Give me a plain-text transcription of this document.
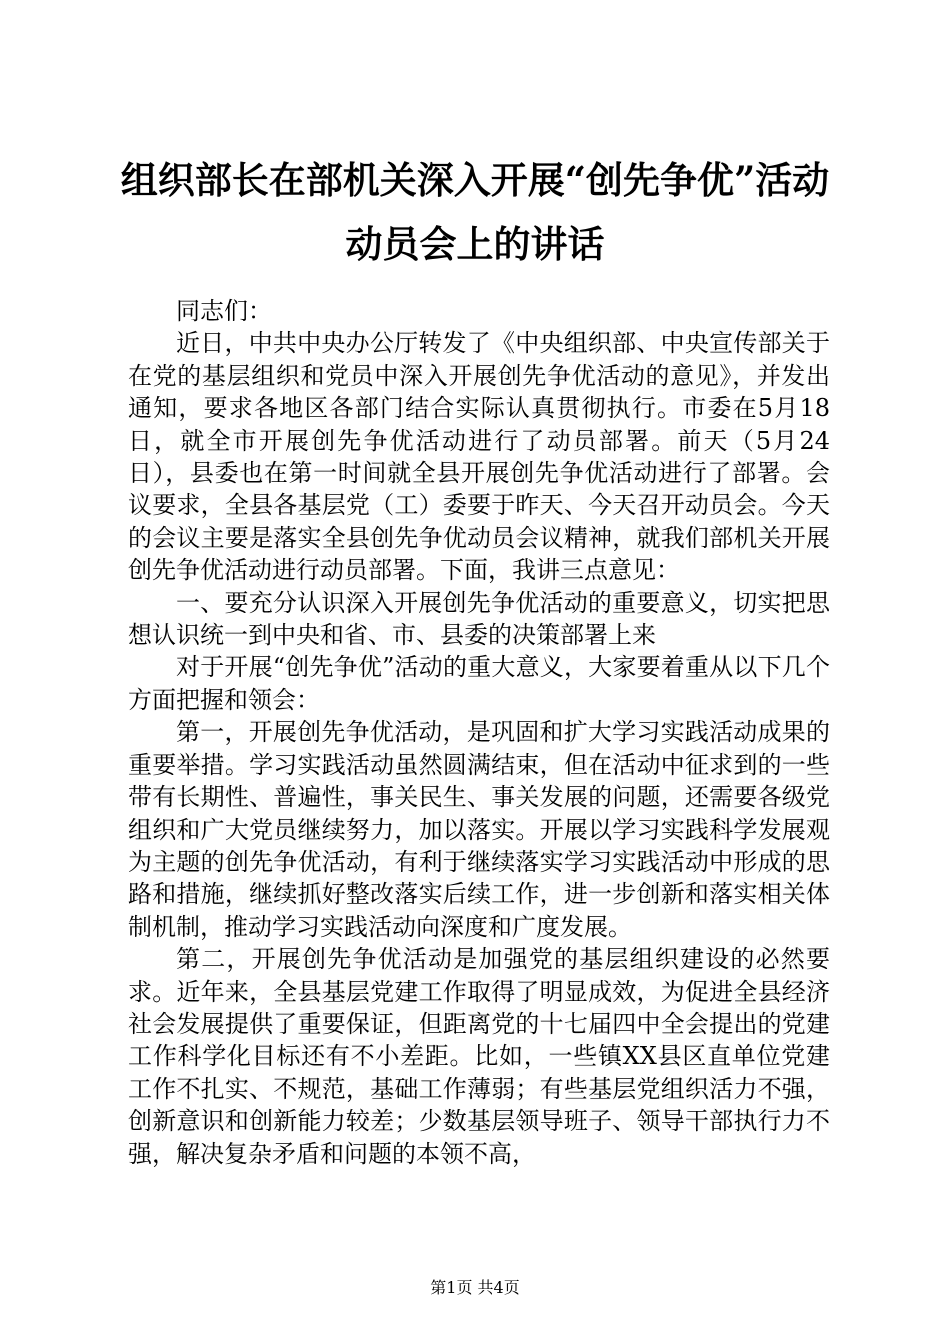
组织部长在部机关深入开展“创先争优”活动
动员会上的讲话

同志们：

近日，中共中央办公厅转发了《中央组织部、中央宣传部关于在党的基层组织和党员中深入开展创先争优活动的意见》，并发出通知，要求各地区各部门结合实际认真贯彻执行。市委在5月18日，就全市开展创先争优活动进行了动员部署。前天（5月24日），县委也在第一时间就全县开展创先争优活动进行了部署。会议要求，全县各基层党（工）委要于昨天、今天召开动员会。今天的会议主要是落实全县创先争优动员会议精神，就我们部机关开展创先争优活动进行动员部署。下面，我讲三点意见：

一、要充分认识深入开展创先争优活动的重要意义，切实把思想认识统一到中央和省、市、县委的决策部署上来

对于开展“创先争优”活动的重大意义，大家要着重从以下几个方面把握和领会：

第一，开展创先争优活动，是巩固和扩大学习实践活动成果的重要举措。学习实践活动虽然圆满结束，但在活动中征求到的一些带有长期性、普遍性，事关民生、事关发展的问题，还需要各级党组织和广大党员继续努力，加以落实。开展以学习实践科学发展观为主题的创先争优活动，有利于继续落实学习实践活动中形成的思路和措施，继续抓好整改落实后续工作，进一步创新和落实相关体制机制，推动学习实践活动向深度和广度发展。

第二，开展创先争优活动是加强党的基层组织建设的必然要求。近年来，全县基层党建工作取得了明显成效，为促进全县经济社会发展提供了重要保证，但距离党的十七届四中全会提出的党建工作科学化目标还有不小差距。比如，一些镇XX县区直单位党建工作不扎实、不规范，基础工作薄弱；有些基层党组织活力不强，创新意识和创新能力较差；少数基层领导班子、领导干部执行力不强，解决复杂矛盾和问题的本领不高，

第1页 共4页
